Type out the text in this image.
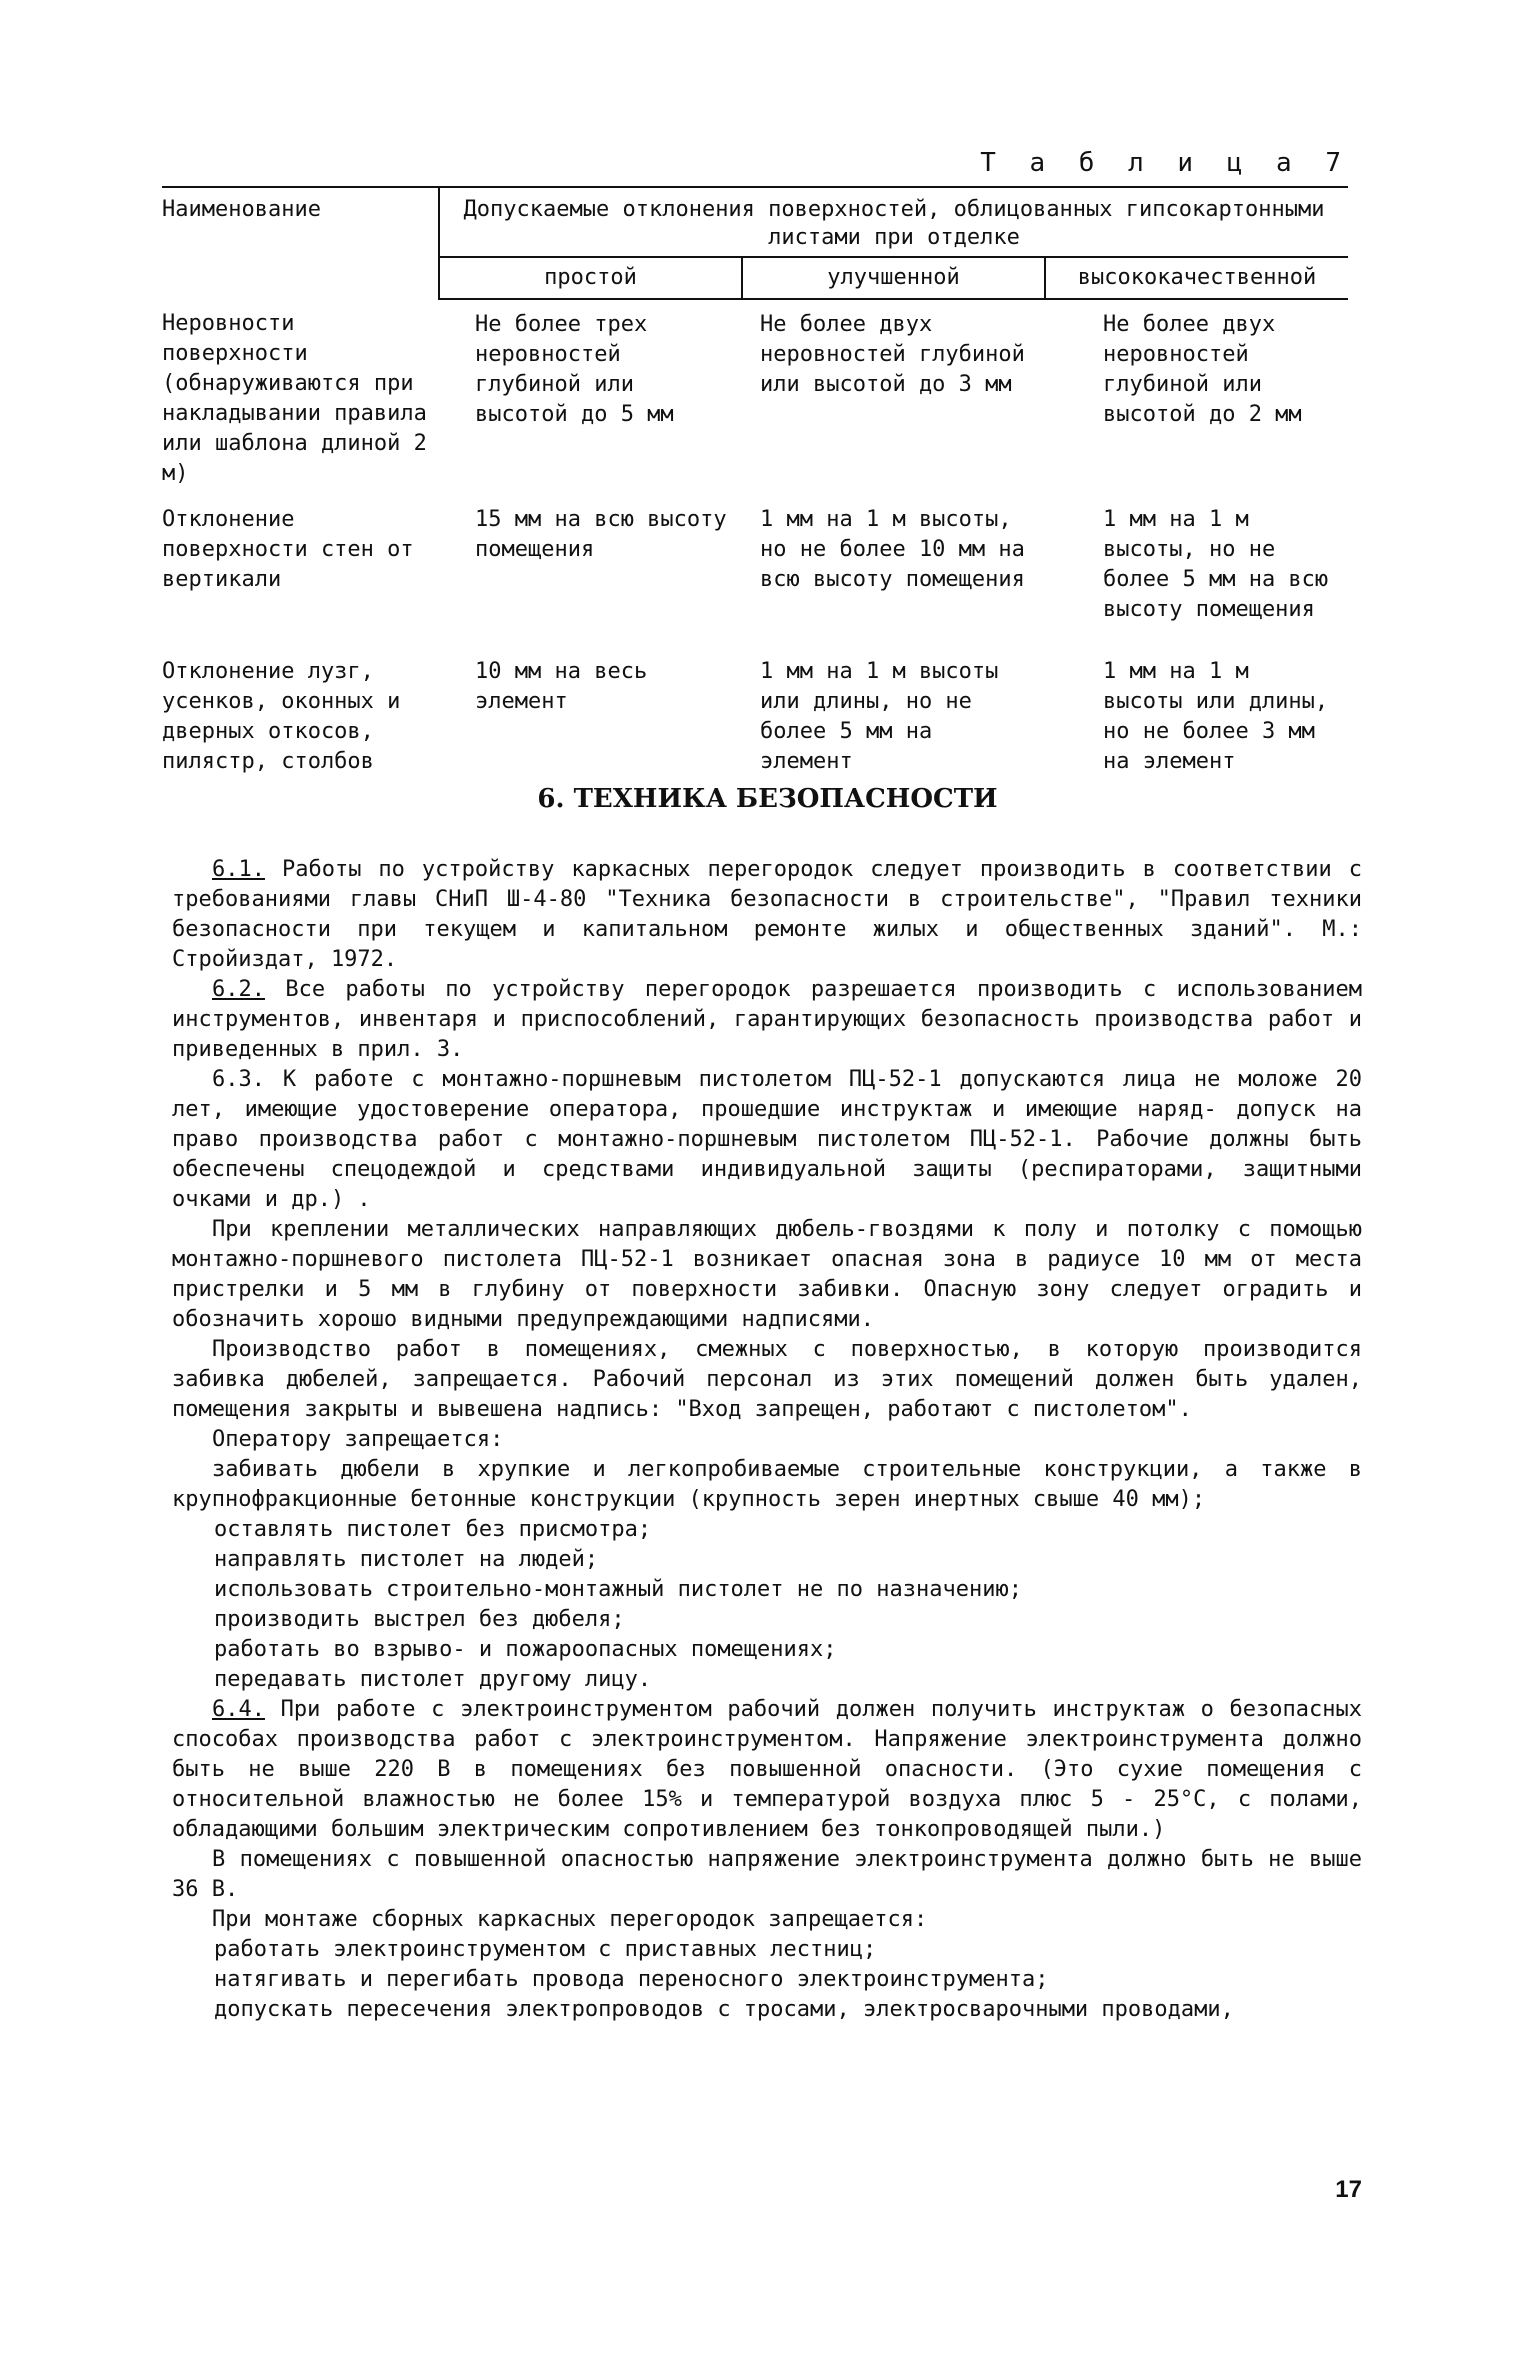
Т а б л и ц а 7
Наименование	Допускаемые отклонения поверхностей, облицованных гипсокартонными листами при отделке		
	простой	улучшенной	высококачественной
Неровности поверхности (обнаруживаются при накладывании правила или шаблона длиной 2 м)	Не более трех неровностей глубиной или высотой до 5 мм	Не более двух неровностей глубиной или высотой до 3 мм	Не более двух неровностей глубиной или высотой до 2 мм
Отклонение поверхности стен от вертикали	15 мм на всю высоту помещения	1 мм на 1 м высоты, но не более 10 мм на всю высоту помещения	1 мм на 1 м высоты, но не более 5 мм на всю высоту помещения
Отклонение лузг, усенков, оконных и дверных откосов, пилястр, столбов	10 мм на весь элемент	1 мм на 1 м высоты или длины, но не более 5 мм на элемент	1 мм на 1 м высоты или длины, но не более 3 мм на элемент
6. ТЕХНИКА БЕЗОПАСНОСТИ

6.1. Работы по устройству каркасных перегородок следует производить в соответствии с требованиями главы СНиП Ш-4-80 "Техника безопасности в строительстве", "Правил техники безопасности при текущем и капитальном ремонте жилых и общественных зданий". М.: Стройиздат, 1972.

6.2. Все работы по устройству перегородок разрешается производить с использованием инструментов, инвентаря и приспособлений, гарантирующих безопасность производства работ и приведенных в прил. 3.

6.3. К работе с монтажно-поршневым пистолетом ПЦ-52-1 допускаются лица не моложе 20 лет, имеющие удостоверение оператора, прошедшие инструктаж и имеющие наряд- допуск на право производства работ с монтажно-поршневым пистолетом ПЦ-52-1. Рабочие должны быть обеспечены спецодеждой и средствами индивидуальной защиты (респираторами, защитными очками и др.) .

При креплении металлических направляющих дюбель-гвоздями к полу и потолку с помощью монтажно-поршневого пистолета ПЦ-52-1 возникает опасная зона в радиусе 10 мм от места пристрелки и 5 мм в глубину от поверхности забивки. Опасную зону следует оградить и обозначить хорошо видными предупреждающими надписями.

Производство работ в помещениях, смежных с поверхностью, в которую производится забивка дюбелей, запрещается. Рабочий персонал из этих помещений должен быть удален, помещения закрыты и вывешена надпись: "Вход запрещен, работают с пистолетом".

Оператору запрещается:

забивать дюбели в хрупкие и легкопробиваемые строительные конструкции, а также в крупнофракционные бетонные конструкции (крупность зерен инертных свыше 40 мм);

оставлять пистолет без присмотра;

направлять пистолет на людей;

использовать строительно-монтажный пистолет не по назначению;

производить выстрел без дюбеля;

работать во взрыво- и пожароопасных помещениях;

передавать пистолет другому лицу.

6.4. При работе с электроинструментом рабочий должен получить инструктаж о безопасных способах производства работ с электроинструментом. Напряжение электроинструмента должно быть не выше 220 В в помещениях без повышенной опасности. (Это сухие помещения с относительной влажностью не более 15% и температурой воздуха плюс 5 - 25°С, с полами, обладающими большим электрическим сопротивлением без тонкопроводящей пыли.)

В помещениях с повышенной опасностью напряжение электроинструмента должно быть не выше 36 В.

При монтаже сборных каркасных перегородок запрещается:

работать электроинструментом с приставных лестниц;

натягивать и перегибать провода переносного электроинструмента;

допускать пересечения электропроводов с тросами, электросварочными проводами,

17
